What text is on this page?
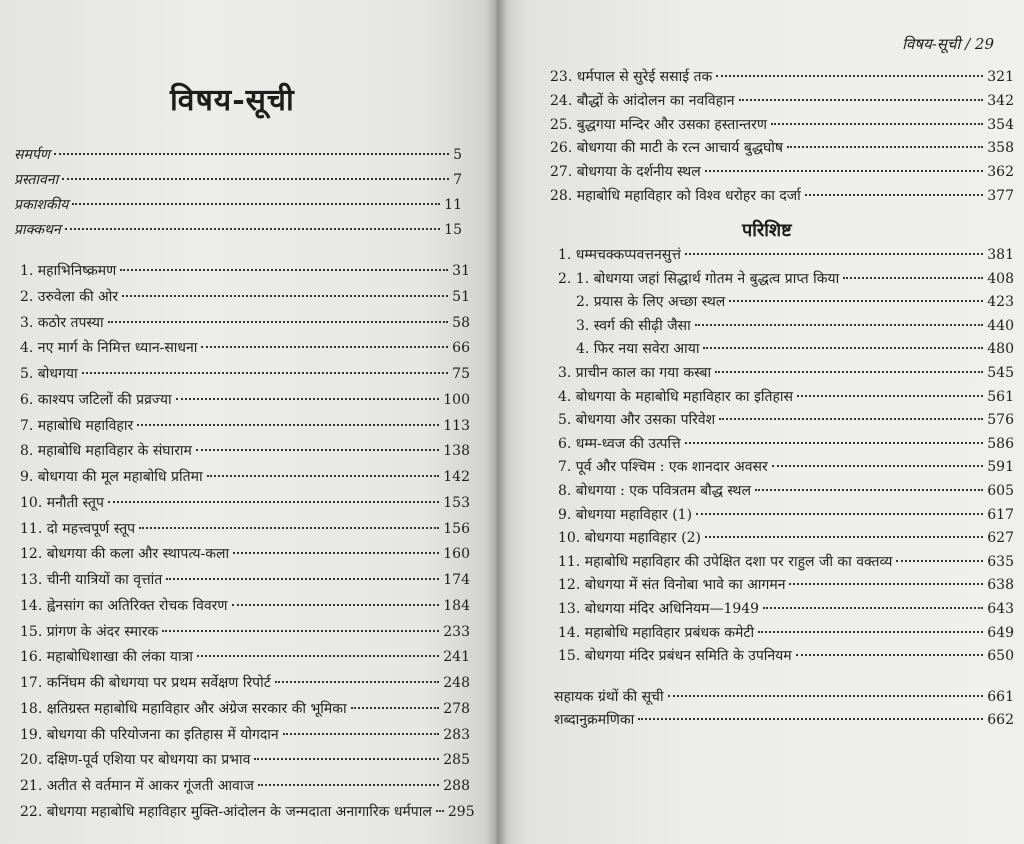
विषय-सूची
समर्पण	5
प्रस्तावना	7
प्रकाशकीय	11
प्राक्कथन	15
1. महाभिनिष्क्रमण	31
2. उरुवेला की ओर	51
3. कठोर तपस्या	58
4. नए मार्ग के निमित्त ध्यान-साधना	66
5. बोधगया	75
6. काश्यप जटिलों की प्रव्रज्या	100
7. महाबोधि महाविहार	113
8. महाबोधि महाविहार के संघाराम	138
9. बोधगया की मूल महाबोधि प्रतिमा	142
10. मनौती स्तूप	153
11. दो महत्त्वपूर्ण स्तूप	156
12. बोधगया की कला और स्थापत्य-कला	160
13. चीनी यात्रियों का वृत्तांत	174
14. ह्वेनसांग का अतिरिक्त रोचक विवरण	184
15. प्रांगण के अंदर स्मारक	233
16. महाबोधिशाखा की लंका यात्रा	241
17. कनिंघम की बोधगया पर प्रथम सर्वेक्षण रिपोर्ट	248
18. क्षतिग्रस्त महाबोधि महाविहार और अंग्रेज सरकार की भूमिका	278
19. बोधगया की परियोजना का इतिहास में योगदान	283
20. दक्षिण-पूर्व एशिया पर बोधगया का प्रभाव	285
21. अतीत से वर्तमान में आकर गूंजती आवाज	288
22. बोधगया महाबोधि महाविहार मुक्ति-आंदोलन के जन्मदाता अनागारिक धर्मपाल 295
विषय-सूची / 29
23. धर्मपाल से सुरेई ससाई तक	321
24. बौद्धों के आंदोलन का नवविहान	342
25. बुद्धगया मन्दिर और उसका हस्तान्तरण	354
26. बोधगया की माटी के रत्न आचार्य बुद्धघोष	358
27. बोधगया के दर्शनीय स्थल	362
28. महाबोधि महाविहार को विश्व धरोहर का दर्जा	377
1. धम्मचक्कप्पवत्तनसुत्तं	381
2. 1. बोधगया जहां सिद्धार्थ गोतम ने बुद्धत्व प्राप्त किया	408
2. प्रयास के लिए अच्छा स्थल	423
3. स्वर्ग की सीढ़ी जैसा	440
4. फिर नया सवेरा आया	480
3. प्राचीन काल का गया कस्बा	545
4. बोधगया के महाबोधि महाविहार का इतिहास	561
5. बोधगया और उसका परिवेश	576
6. धम्म-ध्वज की उत्पत्ति	586
7. पूर्व और पश्चिम : एक शानदार अवसर	591
8. बोधगया : एक पवित्रतम बौद्ध स्थल	605
9. बोधगया महाविहार (1)	617
10. बोधगया महाविहार (2)	627
11. महाबोधि महाविहार की उपेक्षित दशा पर राहुल जी का वक्तव्य	635
12. बोधगया में संत विनोबा भावे का आगमन	638
13. बोधगया मंदिर अधिनियम—1949	643
14. महाबोधि महाविहार प्रबंधक कमेटी	649
15. बोधगया मंदिर प्रबंधन समिति के उपनियम	650
सहायक ग्रंथों की सूची	661
शब्दानुक्रमणिका	662
परिशिष्ट
